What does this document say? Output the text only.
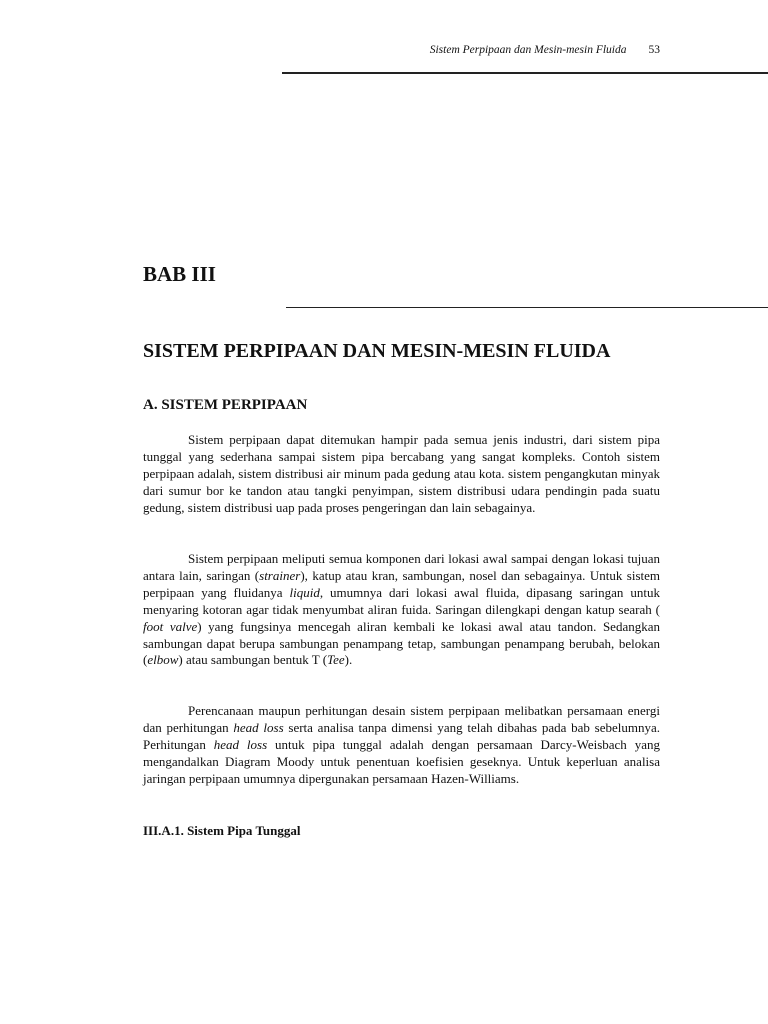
Sistem Perpipaan dan Mesin-mesin Fluida 53
BAB III
SISTEM PERPIPAAN DAN MESIN-MESIN FLUIDA
A. SISTEM PERPIPAAN

Sistem perpipaan dapat ditemukan hampir pada semua jenis industri, dari sistem pipa tunggal yang sederhana sampai sistem pipa bercabang yang sangat kompleks. Contoh sistem perpipaan adalah, sistem distribusi air minum pada gedung atau kota. sistem pengangkutan minyak dari sumur bor ke tandon atau tangki penyimpan, sistem distribusi udara pendingin pada suatu gedung, sistem distribusi uap pada proses pengeringan dan lain sebagainya.

Sistem perpipaan meliputi semua komponen dari lokasi awal sampai dengan lokasi tujuan antara lain, saringan (strainer), katup atau kran, sambungan, nosel dan sebagainya. Untuk sistem perpipaan yang fluidanya liquid, umumnya dari lokasi awal fluida, dipasang saringan untuk menyaring kotoran agar tidak menyumbat aliran fuida. Saringan dilengkapi dengan katup searah ( foot valve) yang fungsinya mencegah aliran kembali ke lokasi awal atau tandon. Sedangkan sambungan dapat berupa sambungan penampang tetap, sambungan penampang berubah, belokan (elbow) atau sambungan bentuk T (Tee).

Perencanaan maupun perhitungan desain sistem perpipaan melibatkan persamaan energi dan perhitungan head loss serta analisa tanpa dimensi yang telah dibahas pada bab sebelumnya. Perhitungan head loss untuk pipa tunggal adalah dengan persamaan Darcy-Weisbach yang mengandalkan Diagram Moody untuk penentuan koefisien geseknya. Untuk keperluan analisa jaringan perpipaan umumnya dipergunakan persamaan Hazen-Williams.

III.A.1. Sistem Pipa Tunggal
